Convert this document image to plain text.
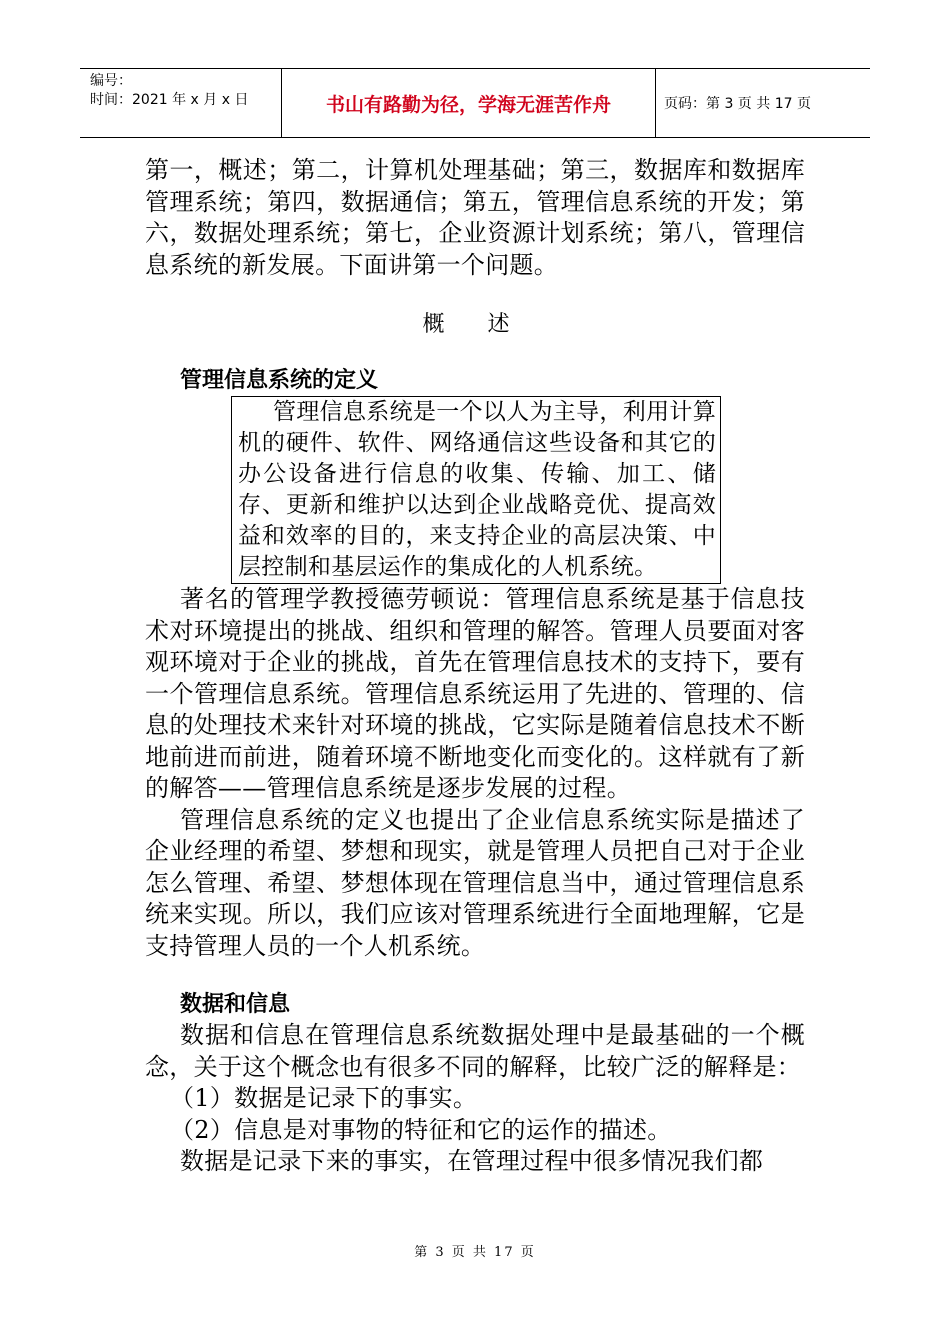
编号：
时间：2021 年 x 月 x 日	书山有路勤为径，学海无涯苦作舟	页码：第 3 页 共 17 页

第一，概述；第二，计算机处理基础；第三，数据库和数据库管理系统；第四，数据通信；第五，管理信息系统的开发；第六，数据处理系统；第七，企业资源计划系统；第八，管理信息系统的新发展。下面讲第一个问题。

概 述
管理信息系统的定义

管理信息系统是一个以人为主导，利用计算机的硬件、软件、网络通信这些设备和其它的办公设备进行信息的收集、传输、加工、储存、更新和维护以达到企业战略竞优、提高效益和效率的目的，来支持企业的高层决策、中层控制和基层运作的集成化的人机系统。

著名的管理学教授德劳顿说：管理信息系统是基于信息技术对环境提出的挑战、组织和管理的解答。管理人员要面对客观环境对于企业的挑战，首先在管理信息技术的支持下，要有一个管理信息系统。管理信息系统运用了先进的、管理的、信息的处理技术来针对环境的挑战，它实际是随着信息技术不断地前进而前进，随着环境不断地变化而变化的。这样就有了新的解答——管理信息系统是逐步发展的过程。

管理信息系统的定义也提出了企业信息系统实际是描述了企业经理的希望、梦想和现实，就是管理人员把自己对于企业怎么管理、希望、梦想体现在管理信息当中，通过管理信息系统来实现。所以，我们应该对管理系统进行全面地理解，它是支持管理人员的一个人机系统。

数据和信息

数据和信息在管理信息系统数据处理中是最基础的一个概念，关于这个概念也有很多不同的解释，比较广泛的解释是：

（1）数据是记录下的事实。

（2）信息是对事物的特征和它的运作的描述。

数据是记录下来的事实，在管理过程中很多情况我们都

第 3 页 共 17 页
